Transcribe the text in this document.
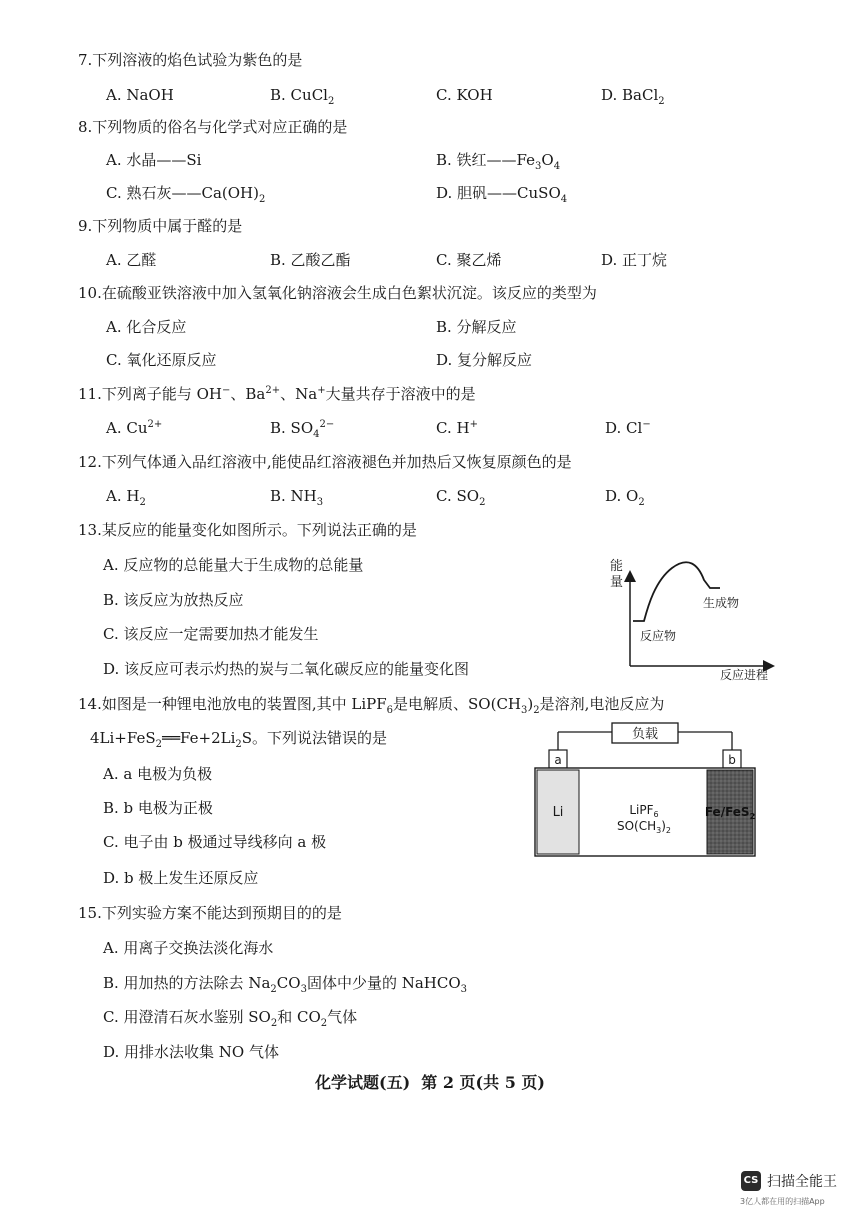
7.下列溶液的焰色试验为紫色的是
A. NaOH	B. CuCl$_2$	C. KOH	D. BaCl$_2$
8.下列物质的俗名与化学式对应正确的是
A. 水晶——Si	B. 铁红$——Fe_3O_4$
C. 熟石灰$——Ca(OH)_2$	D. 胆矾——CuSO$_4$
9.下列物质中属于醛的是
A. 乙醛	B. 乙酸乙酯	C. 聚乙烯	D. 正丁烷
10.在硫酸亚铁溶液中加入氢氧化钠溶液会生成白色絮状沉淀。该反应的类型为
A. 化合反应	B. 分解反应
C. 氧化还原反应	D. 复分解反应
11.下列离子能与 OH−、$Ba^{2+}$、Na+大量共存于溶液中的是
A. $Cu^{2+}$	B. $SO_4^{2-}$	C. H+	D. Cl−
12.下列气体通入品红溶液中,能使品红溶液褪色并加热后又恢复原颜色的是
A. $H_2$	B. $NH_3$	C. $SO_2$	D. $O_2$
13.某反应的能量变化如图所示。下列说法正确的是
A. 反应物的总能量大于生成物的总能量
B. 该反应为放热反应
C. 该反应一定需要加热才能发生
D. 该反应可表示灼热的炭与二氧化碳反应的能量变化图
能
量
生成物
反应物
反应进程
14.如图是一种锂电池放电的装置图,其中 LiPF$_6$是电解质、$SO(CH_3)_2$是溶剂,电池反应为
$4Li+FeS_2══Fe+2Li_2S$。下列说法错误的是
A. a 电极为负极
B. b 电极为正极
C. 电子由 b 极通过导线移向 a 极
D. b 极上发生还原反应
负载
a	b
Li	Fe/FeS$_2$
LiPF$_6$
$SO(CH_3)_2$
15.下列实验方案不能达到预期目的的是
A. 用离子交换法淡化海水
B. 用加热的方法除去 $Na_2CO_3$固体中少量的 NaHCO$_3$
C. 用澄清石灰水鉴别 $SO_2$和 $CO_2$气体
D. 用排水法收集 NO 气体
化学试题(五)  第 2 页(共 5 页)
CS 扫描全能王
3亿人都在用的扫描App
